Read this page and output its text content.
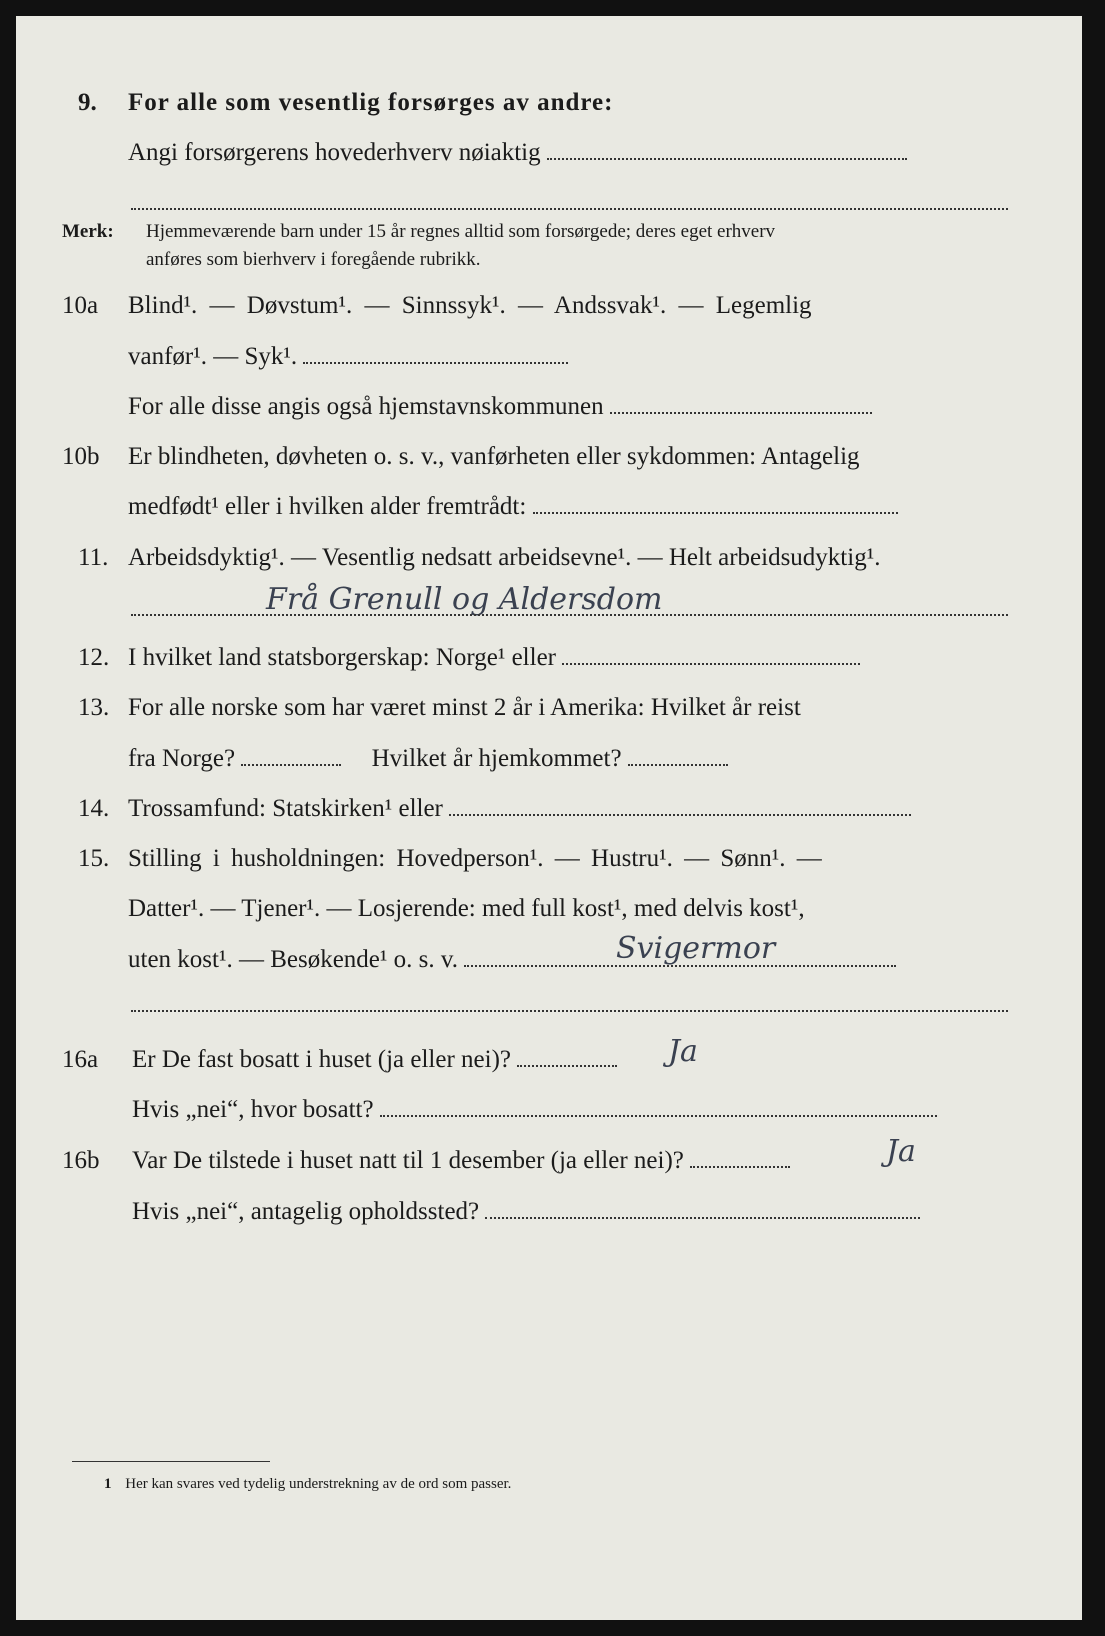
9. For alle som vesentlig forsørges av andre:
Angi forsørgerens hovederhverv nøiaktig
Merk: Hjemmeværende barn under 15 år regnes alltid som forsørgede; deres eget erhverv
anføres som bierhverv i foregående rubrikk.
10a Blind¹. — Døvstum¹. — Sinnssyk¹. — Andssvak¹. — Legemlig
vanfør¹. — Syk¹.
For alle disse angis også hjemstavnskommunen
10b Er blindheten, døvheten o. s. v., vanførheten eller sykdommen: Antagelig
medfødt¹ eller i hvilken alder fremtrådt:
11. Arbeidsdyktig¹. — Vesentlig nedsatt arbeidsevne¹. — Helt arbeidsudyktig¹.
Frå Grenull og Aldersdom
12. I hvilket land statsborgerskap: Norge¹ eller
13. For alle norske som har været minst 2 år i Amerika: Hvilket år reist
fra Norge?	Hvilket år hjemkommet?
14. Trossamfund: Statskirken¹ eller
15. Stilling i husholdningen: Hovedperson¹. — Hustru¹. — Sønn¹. —
Datter¹. — Tjener¹. — Losjerende: med full kost¹, med delvis kost¹,
uten kost¹. — Besøkende¹ o. s. v.	Svigermor
16a Er De fast bosatt i huset (ja eller nei)?	Ja
Hvis „nei“, hvor bosatt?
16b Var De tilstede i huset natt til 1 desember (ja eller nei)?	Ja
Hvis „nei“, antagelig opholdssted?
1 Her kan svares ved tydelig understrekning av de ord som passer.
